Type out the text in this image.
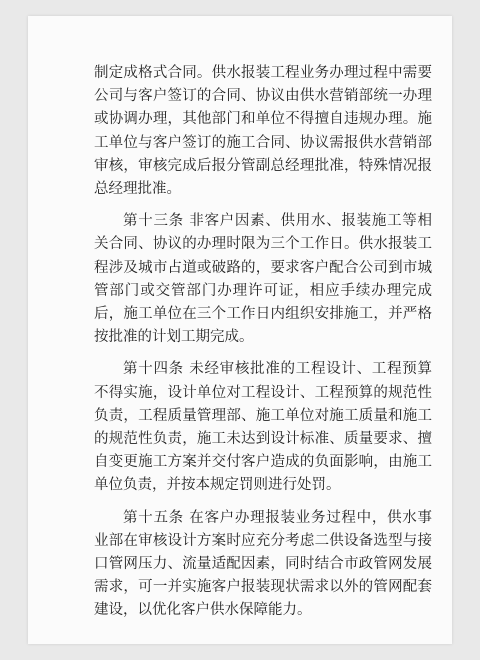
制定成格式合同。供水报装工程业务办理过程中需要公司与客户签订的合同、协议由供水营销部统一办理或协调办理，其他部门和单位不得擅自违规办理。施工单位与客户签订的施工合同、协议需报供水营销部审核，审核完成后报分管副总经理批准，特殊情况报总经理批准。

第十三条 非客户因素、供用水、报装施工等相关合同、协议的办理时限为三个工作日。供水报装工程涉及城市占道或破路的，要求客户配合公司到市城管部门或交管部门办理许可证，相应手续办理完成后，施工单位在三个工作日内组织安排施工，并严格按批准的计划工期完成。

第十四条 未经审核批准的工程设计、工程预算不得实施，设计单位对工程设计、工程预算的规范性负责，工程质量管理部、施工单位对施工质量和施工的规范性负责，施工未达到设计标准、质量要求、擅自变更施工方案并交付客户造成的负面影响，由施工单位负责，并按本规定罚则进行处罚。

第十五条 在客户办理报装业务过程中，供水事业部在审核设计方案时应充分考虑二供设备选型与接口管网压力、流量适配因素，同时结合市政管网发展需求，可一并实施客户报装现状需求以外的管网配套建设，以优化客户供水保障能力。
